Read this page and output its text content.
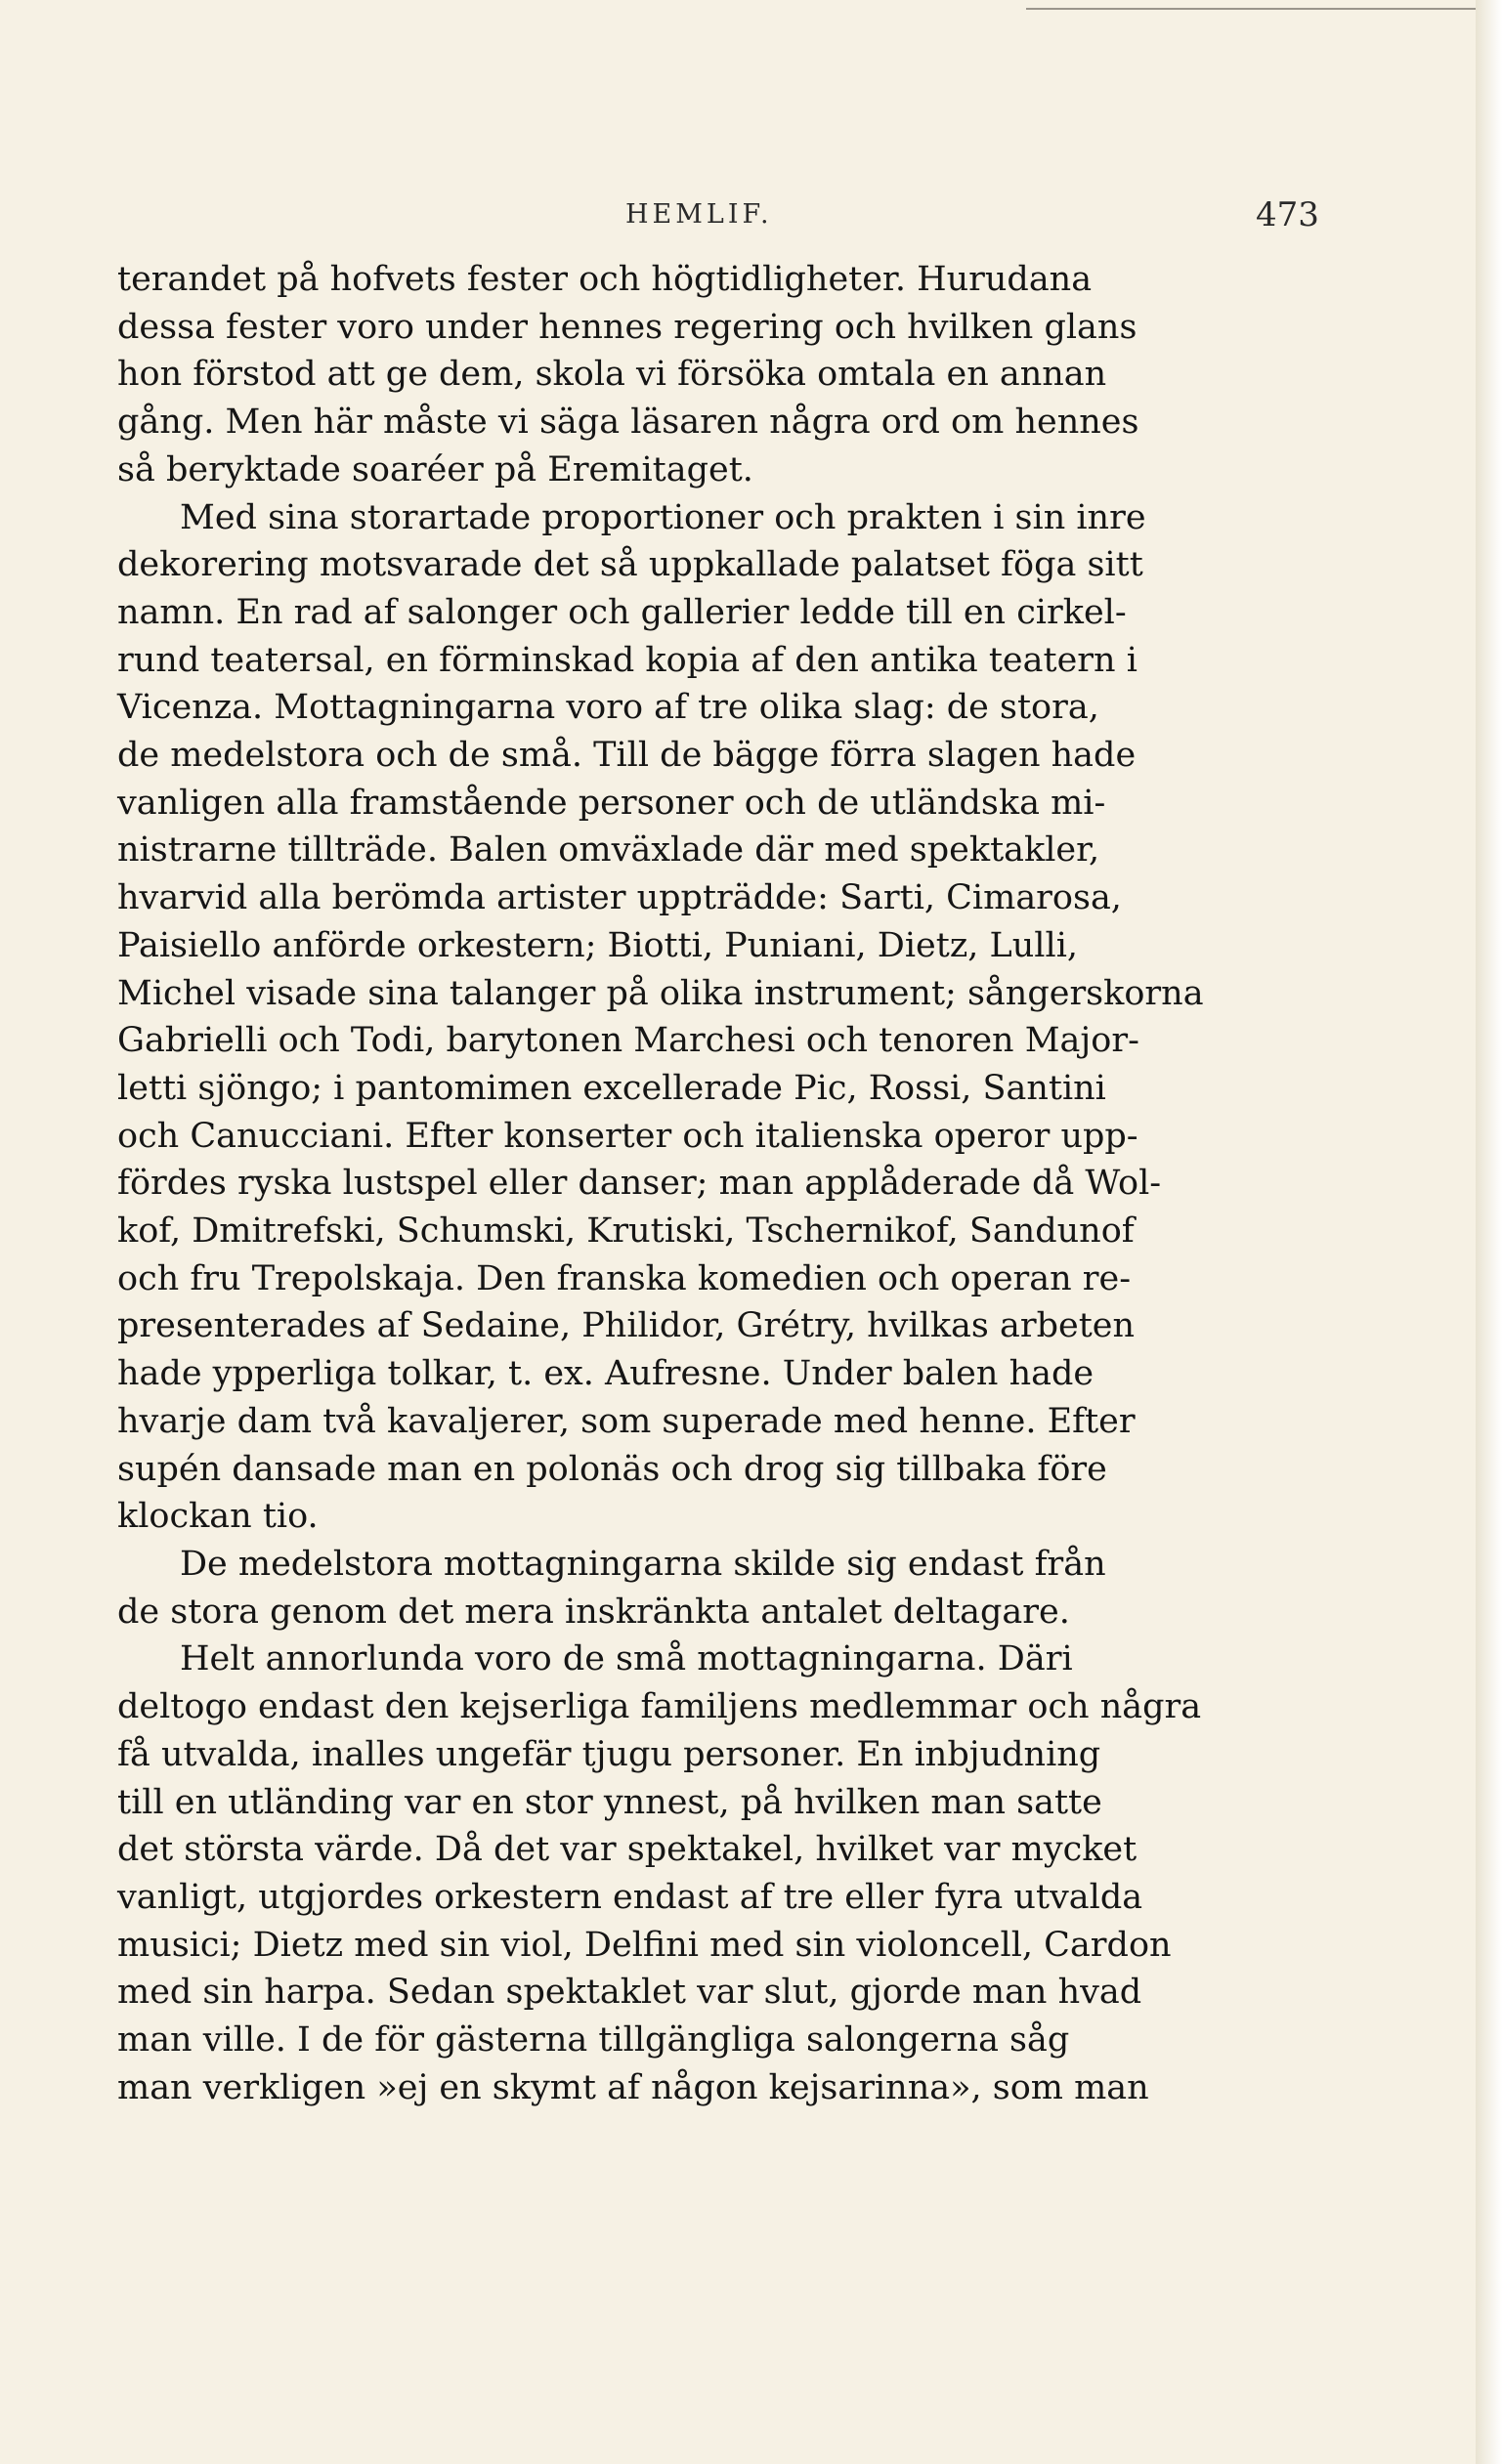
HEMLIF.	473
terandet på hofvets fester och högtidligheter. Hurudana
dessa fester voro under hennes regering och hvilken glans
hon förstod att ge dem, skola vi försöka omtala en annan
gång. Men här måste vi säga läsaren några ord om hennes
så beryktade soaréer på Eremitaget.
Med sina storartade proportioner och prakten i sin inre
dekorering motsvarade det så uppkallade palatset föga sitt
namn. En rad af salonger och gallerier ledde till en cirkel-
rund teatersal, en förminskad kopia af den antika teatern i
Vicenza. Mottagningarna voro af tre olika slag: de stora,
de medelstora och de små. Till de bägge förra slagen hade
vanligen alla framstående personer och de utländska mi-
nistrarne tillträde. Balen omväxlade där med spektakler,
hvarvid alla berömda artister uppträdde: Sarti, Cimarosa,
Paisiello anförde orkestern; Biotti, Puniani, Dietz, Lulli,
Michel visade sina talanger på olika instrument; sångerskorna
Gabrielli och Todi, barytonen Marchesi och tenoren Major-
letti sjöngo; i pantomimen excellerade Pic, Rossi, Santini
och Canucciani. Efter konserter och italienska operor upp-
fördes ryska lustspel eller danser; man applåderade då Wol-
kof, Dmitrefski, Schumski, Krutiski, Tschernikof, Sandunof
och fru Trepolskaja. Den franska komedien och operan re-
presenterades af Sedaine, Philidor, Grétry, hvilkas arbeten
hade ypperliga tolkar, t. ex. Aufresne. Under balen hade
hvarje dam två kavaljerer, som superade med henne. Efter
supén dansade man en polonäs och drog sig tillbaka före
klockan tio.
De medelstora mottagningarna skilde sig endast från
de stora genom det mera inskränkta antalet deltagare.
Helt annorlunda voro de små mottagningarna. Däri
deltogo endast den kejserliga familjens medlemmar och några
få utvalda, inalles ungefär tjugu personer. En inbjudning
till en utländing var en stor ynnest, på hvilken man satte
det största värde. Då det var spektakel, hvilket var mycket
vanligt, utgjordes orkestern endast af tre eller fyra utvalda
musici; Dietz med sin viol, Delfini med sin violoncell, Cardon
med sin harpa. Sedan spektaklet var slut, gjorde man hvad
man ville. I de för gästerna tillgängliga salongerna såg
man verkligen »ej en skymt af någon kejsarinna», som man
